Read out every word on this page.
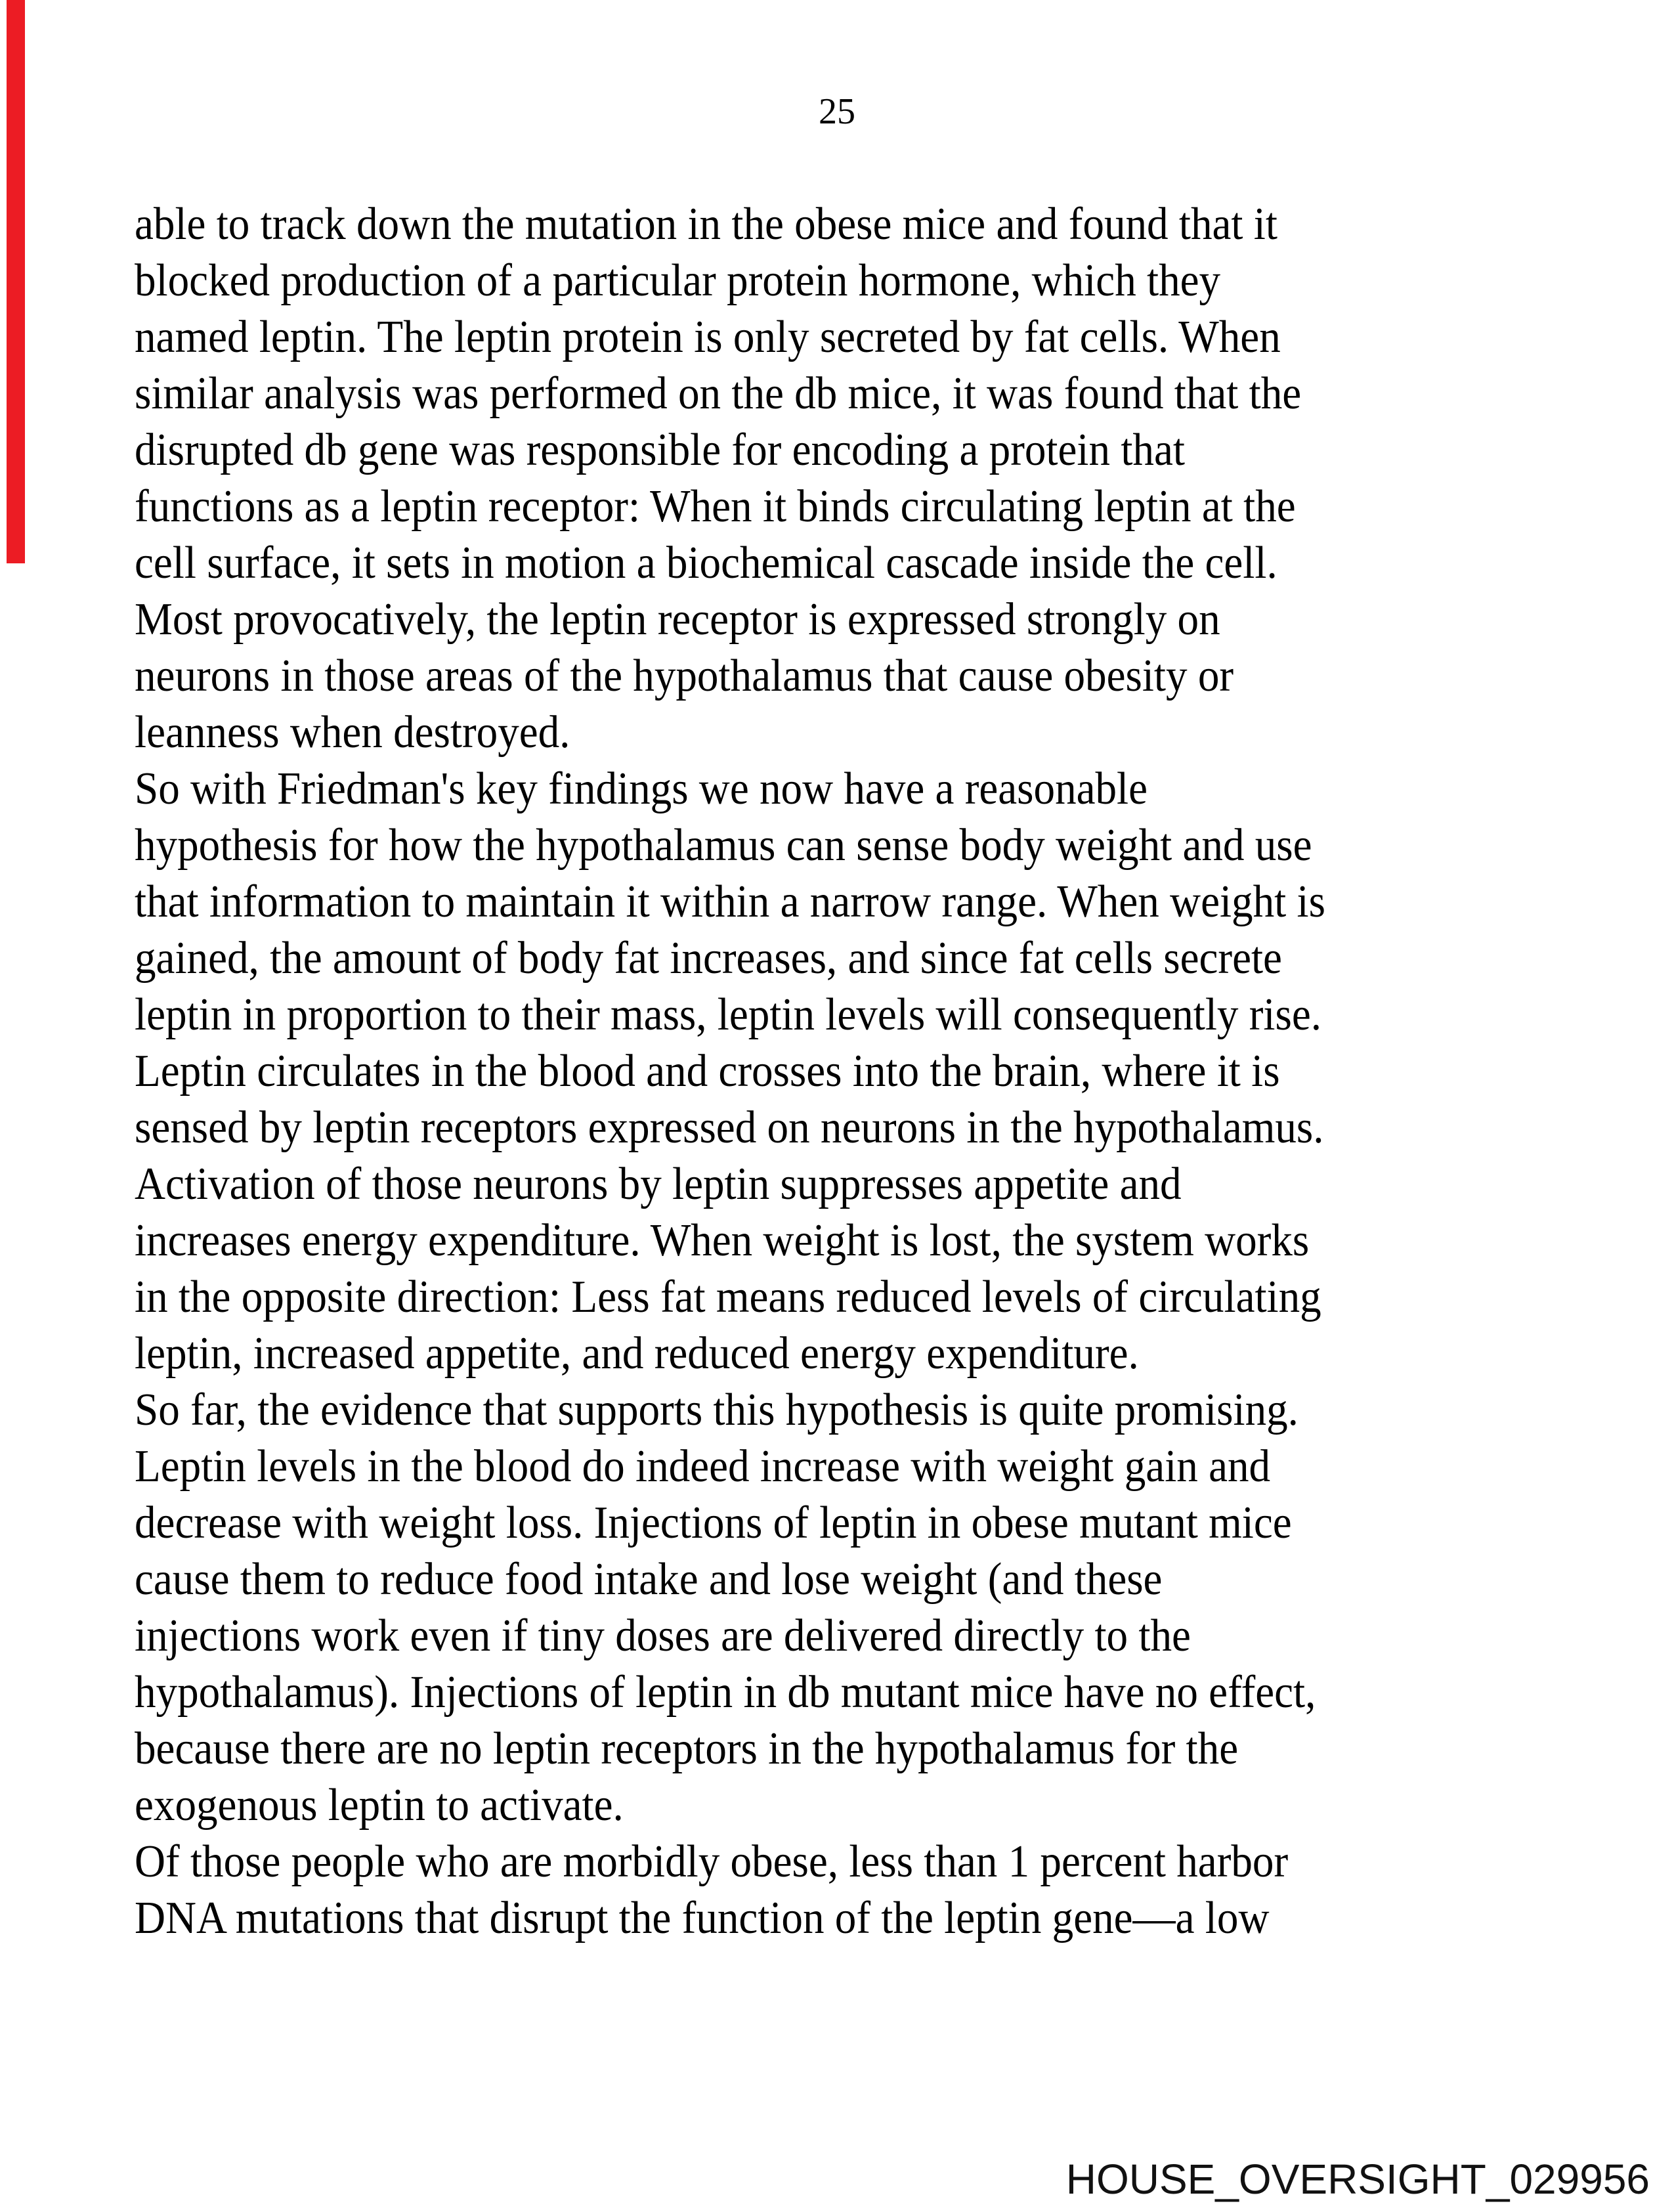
25
able to track down the mutation in the obese mice and found that it
blocked production of a particular protein hormone, which they
named leptin. The leptin protein is only secreted by fat cells. When
similar analysis was performed on the db mice, it was found that the
disrupted db gene was responsible for encoding a protein that
functions as a leptin receptor: When it binds circulating leptin at the
cell surface, it sets in motion a biochemical cascade inside the cell.
Most provocatively, the leptin receptor is expressed strongly on
neurons in those areas of the hypothalamus that cause obesity or
leanness when destroyed.
So with Friedman's key findings we now have a reasonable
hypothesis for how the hypothalamus can sense body weight and use
that information to maintain it within a narrow range. When weight is
gained, the amount of body fat increases, and since fat cells secrete
leptin in proportion to their mass, leptin levels will consequently rise.
Leptin circulates in the blood and crosses into the brain, where it is
sensed by leptin receptors expressed on neurons in the hypothalamus.
Activation of those neurons by leptin suppresses appetite and
increases energy expenditure. When weight is lost, the system works
in the opposite direction: Less fat means reduced levels of circulating
leptin, increased appetite, and reduced energy expenditure.
So far, the evidence that supports this hypothesis is quite promising.
Leptin levels in the blood do indeed increase with weight gain and
decrease with weight loss. Injections of leptin in obese mutant mice
cause them to reduce food intake and lose weight (and these
injections work even if tiny doses are delivered directly to the
hypothalamus). Injections of leptin in db mutant mice have no effect,
because there are no leptin receptors in the hypothalamus for the
exogenous leptin to activate.
Of those people who are morbidly obese, less than 1 percent harbor
DNA mutations that disrupt the function of the leptin gene—a low
HOUSE_OVERSIGHT_029956
